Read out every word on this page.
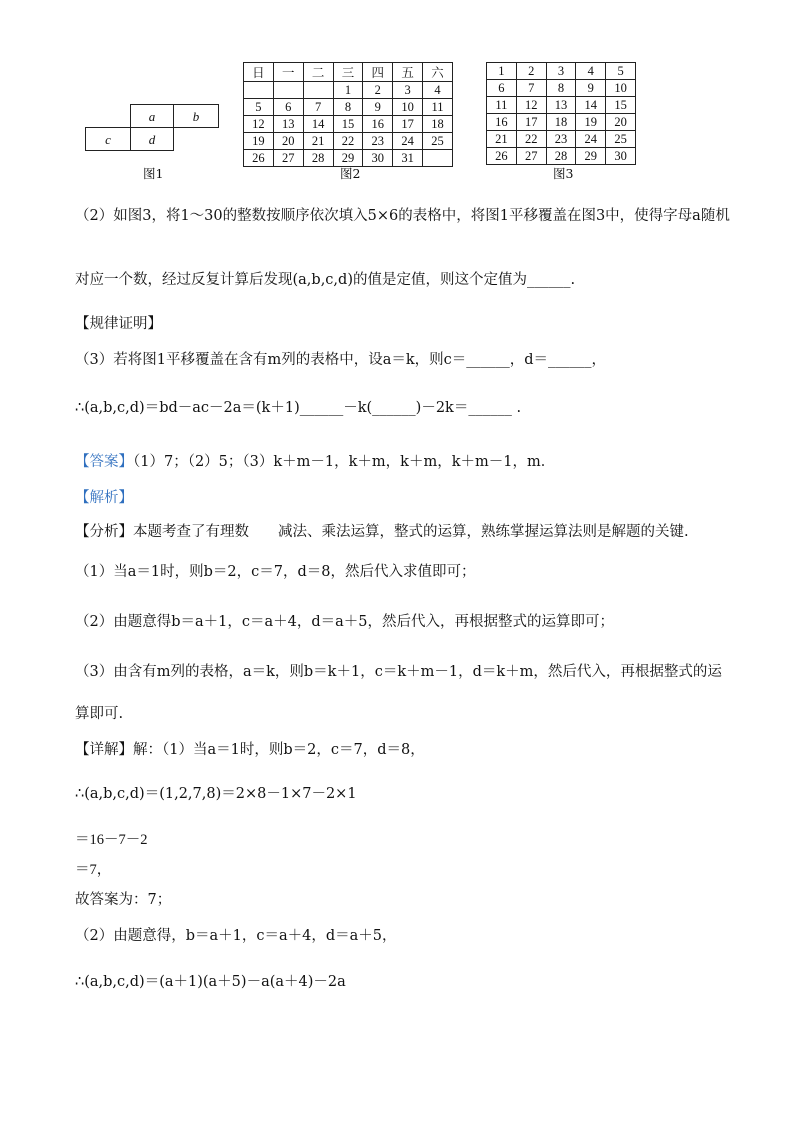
a	b
c	d
图1
日	一	二	三	四	五	六
			1	2	3	4
5	6	7	8	9	10	11
12	13	14	15	16	17	18
19	20	21	22	23	24	25
26	27	28	29	30	31	
图2
1	2	3	4	5
6	7	8	9	10
11	12	13	14	15
16	17	18	19	20
21	22	23	24	25
26	27	28	29	30
图3
（2）如图3，将1～30的整数按顺序依次填入5×6的表格中，将图1平移覆盖在图3中，使得字母a随机
对应一个数，经过反复计算后发现(a,b,c,d)的值是定值，则这个定值为______.
【规律证明】
（3）若将图1平移覆盖在含有m列的表格中，设a＝k，则c＝______，d＝______，
∴(a,b,c,d)＝bd－ac－2a＝(k＋1)______－k(______)－2k＝______ .
【答案】（1）7；（2）5；（3）k＋m－1，k＋m，k＋m，k＋m－1，m．
【解析】
【分析】本题考查了有理数　　减法、乘法运算，整式的运算，熟练掌握运算法则是解题的关键.
（1）当a＝1时，则b＝2，c＝7，d＝8，然后代入求值即可；
（2）由题意得b＝a＋1，c＝a＋4，d＝a＋5，然后代入，再根据整式的运算即可；
（3）由含有m列的表格，a＝k，则b＝k＋1，c＝k＋m－1，d＝k＋m，然后代入，再根据整式的运
算即可.
【详解】解：（1）当a＝1时，则b＝2，c＝7，d＝8，
∴(a,b,c,d)＝(1,2,7,8)＝2×8－1×7－2×1
＝16－7－2
＝7，
故答案为：7；
（2）由题意得，b＝a＋1，c＝a＋4，d＝a＋5，
∴(a,b,c,d)＝(a＋1)(a＋5)－a(a＋4)－2a
